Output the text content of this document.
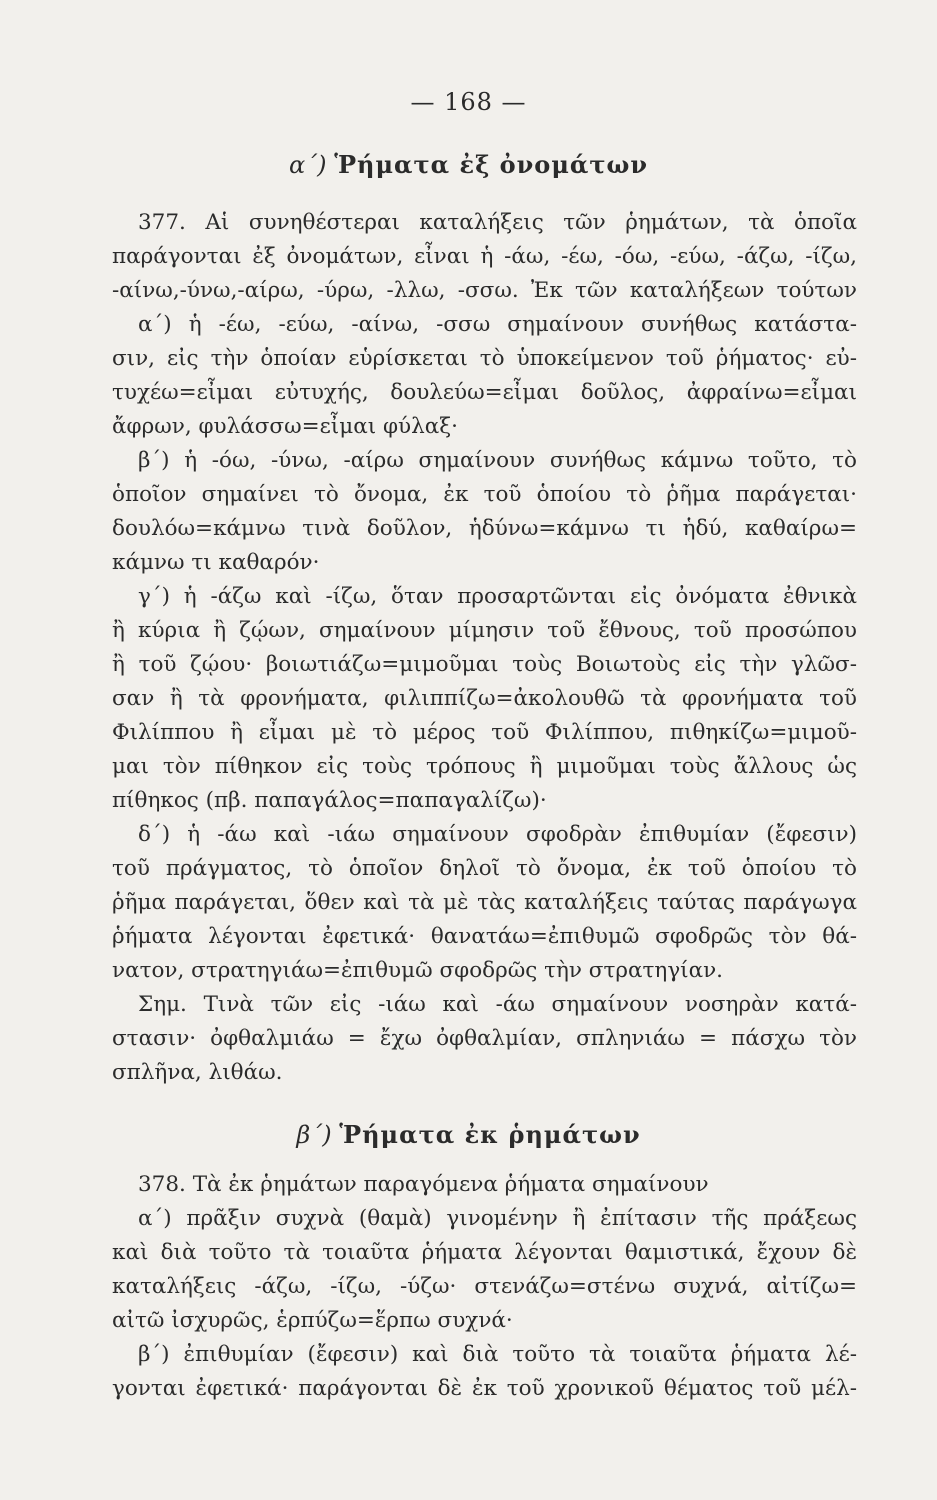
— 168 —
α΄) Ῥήματα ἐξ ὀνομάτων
377. Αἱ συνηθέστεραι καταλήξεις τῶν ῥημάτων, τὰ ὁποῖα
παράγονται ἐξ ὀνομάτων, εἶναι ἡ -άω, -έω, -όω, -εύω, -άζω, -ίζω,
-αίνω,-ύνω,-αίρω, -ύρω, -λλω, -σσω. Ἐκ τῶν καταλήξεων τούτων
α΄) ἡ -έω, -εύω, -αίνω, -σσω σημαίνουν συνήθως κατάστα-
σιν, εἰς τὴν ὁποίαν εὑρίσκεται τὸ ὑποκείμενον τοῦ ῥήματος· εὐ-
τυχέω=εἶμαι εὐτυχής, δουλεύω=εἶμαι δοῦλος, ἀφραίνω=εἶμαι
ἄφρων, φυλάσσω=εἶμαι φύλαξ·
β΄) ἡ -όω, -ύνω, -αίρω σημαίνουν συνήθως κάμνω τοῦτο, τὸ
ὁποῖον σημαίνει τὸ ὄνομα, ἐκ τοῦ ὁποίου τὸ ῥῆμα παράγεται·
δουλόω=κάμνω τινὰ δοῦλον, ἡδύνω=κάμνω τι ἡδύ, καθαίρω=
κάμνω τι καθαρόν·
γ΄) ἡ -άζω καὶ -ίζω, ὅταν προσαρτῶνται εἰς ὀνόματα ἐθνικὰ
ἢ κύρια ἢ ζῴων, σημαίνουν μίμησιν τοῦ ἔθνους, τοῦ προσώπου
ἢ τοῦ ζῴου· βοιωτιάζω=μιμοῦμαι τοὺς Βοιωτοὺς εἰς τὴν γλῶσ-
σαν ἢ τὰ φρονήματα, φιλιππίζω=ἀκολουθῶ τὰ φρονήματα τοῦ
Φιλίππου ἢ εἶμαι μὲ τὸ μέρος τοῦ Φιλίππου, πιθηκίζω=μιμοῦ-
μαι τὸν πίθηκον εἰς τοὺς τρόπους ἢ μιμοῦμαι τοὺς ἄλλους ὡς
πίθηκος (πβ. παπαγάλος=παπαγαλίζω)·
δ΄) ἡ -άω καὶ -ιάω σημαίνουν σφοδρὰν ἐπιθυμίαν (ἔφεσιν)
τοῦ πράγματος, τὸ ὁποῖον δηλοῖ τὸ ὄνομα, ἐκ τοῦ ὁποίου τὸ
ῥῆμα παράγεται, ὅθεν καὶ τὰ μὲ τὰς καταλήξεις ταύτας παράγωγα
ῥήματα λέγονται ἐφετικά· θανατάω=ἐπιθυμῶ σφοδρῶς τὸν θά-
νατον, στρατηγιάω=ἐπιθυμῶ σφοδρῶς τὴν στρατηγίαν.
Σημ. Τινὰ τῶν εἰς -ιάω καὶ -άω σημαίνουν νοσηρὰν κατά-
στασιν· ὀφθαλμιάω = ἔχω ὀφθαλμίαν, σπληνιάω = πάσχω τὸν
σπλῆνα, λιθάω.
β΄) Ῥήματα ἐκ ῥημάτων
378. Τὰ ἐκ ῥημάτων παραγόμενα ῥήματα σημαίνουν
α΄) πρᾶξιν συχνὰ (θαμὰ) γινομένην ἢ ἐπίτασιν τῆς πράξεως
καὶ διὰ τοῦτο τὰ τοιαῦτα ῥήματα λέγονται θαμιστικά, ἔχουν δὲ
καταλήξεις -άζω, -ίζω, -ύζω· στενάζω=στένω συχνά, αἰτίζω=
αἰτῶ ἰσχυρῶς, ἑρπύζω=ἕρπω συχνά·
β΄) ἐπιθυμίαν (ἔφεσιν) καὶ διὰ τοῦτο τὰ τοιαῦτα ῥήματα λέ-
γονται ἐφετικά· παράγονται δὲ ἐκ τοῦ χρονικοῦ θέματος τοῦ μέλ-
